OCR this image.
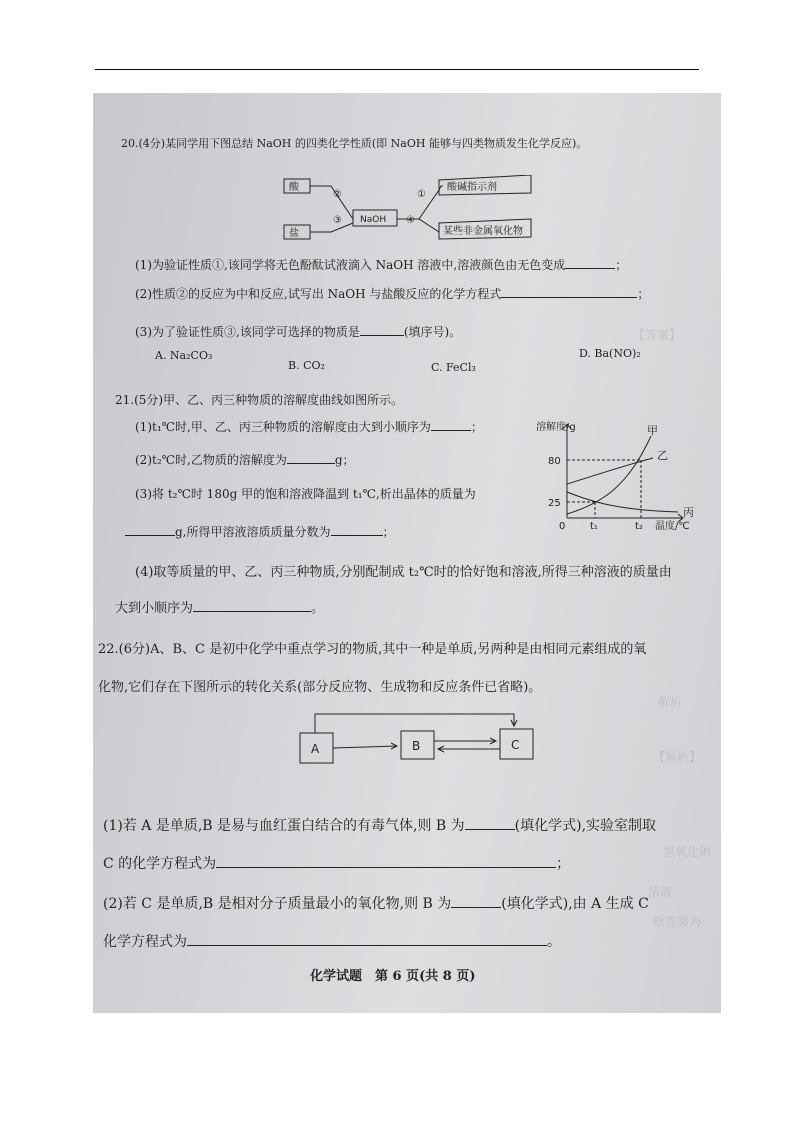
【答案】
【解析】
解析
氢氧化钠
溶液
故答案为
20.(4分)某同学用下图总结 NaOH 的四类化学性质(即 NaOH 能够与四类物质发生化学反应)。
酸
盐
NaOH
酸碱指示剂
某些非金属氧化物
②	①
③	④
(1)为验证性质①,该同学将无色酚酞试液滴入 NaOH 溶液中,溶液颜色由无色变成	；
(2)性质②的反应为中和反应,试写出 NaOH 与盐酸反应的化学方程式	；
(3)为了验证性质③,该同学可选择的物质是	(填序号)。
A. Na₂CO₃
B. CO₂	C. FeCl₃
D. Ba(NO)₂
21.(5分)甲、乙、丙三种物质的溶解度曲线如图所示。
(1)t₁℃时,甲、乙、丙三种物质的溶解度由大到小顺序为	；
(2)t₂℃时,乙物质的溶解度为	g；
(3)将 t₂℃时 180g 甲的饱和溶液降温到 t₁℃,析出晶体的质量为
g,所得甲溶液溶质质量分数为	；
溶解度/g
80
25
0 t₁	t₂ 温度/℃
甲
乙
丙
(4)取等质量的甲、乙、丙三种物质,分别配制成 t₂℃时的恰好饱和溶液,所得三种溶液的质量由
大到小顺序为	。
22.(6分)A、B、C 是初中化学中重点学习的物质,其中一种是单质,另两种是由相同元素组成的氧
化物,它们存在下图所示的转化关系(部分反应物、生成物和反应条件已省略)。
A	B	C
(1)若 A 是单质,B 是易与血红蛋白结合的有毒气体,则 B 为	(填化学式),实验室制取
C 的化学方程式为	；
(2)若 C 是单质,B 是相对分子质量最小的氧化物,则 B 为	(填化学式),由 A 生成 C
化学方程式为	。
化学试题　第 6 页(共 8 页)
